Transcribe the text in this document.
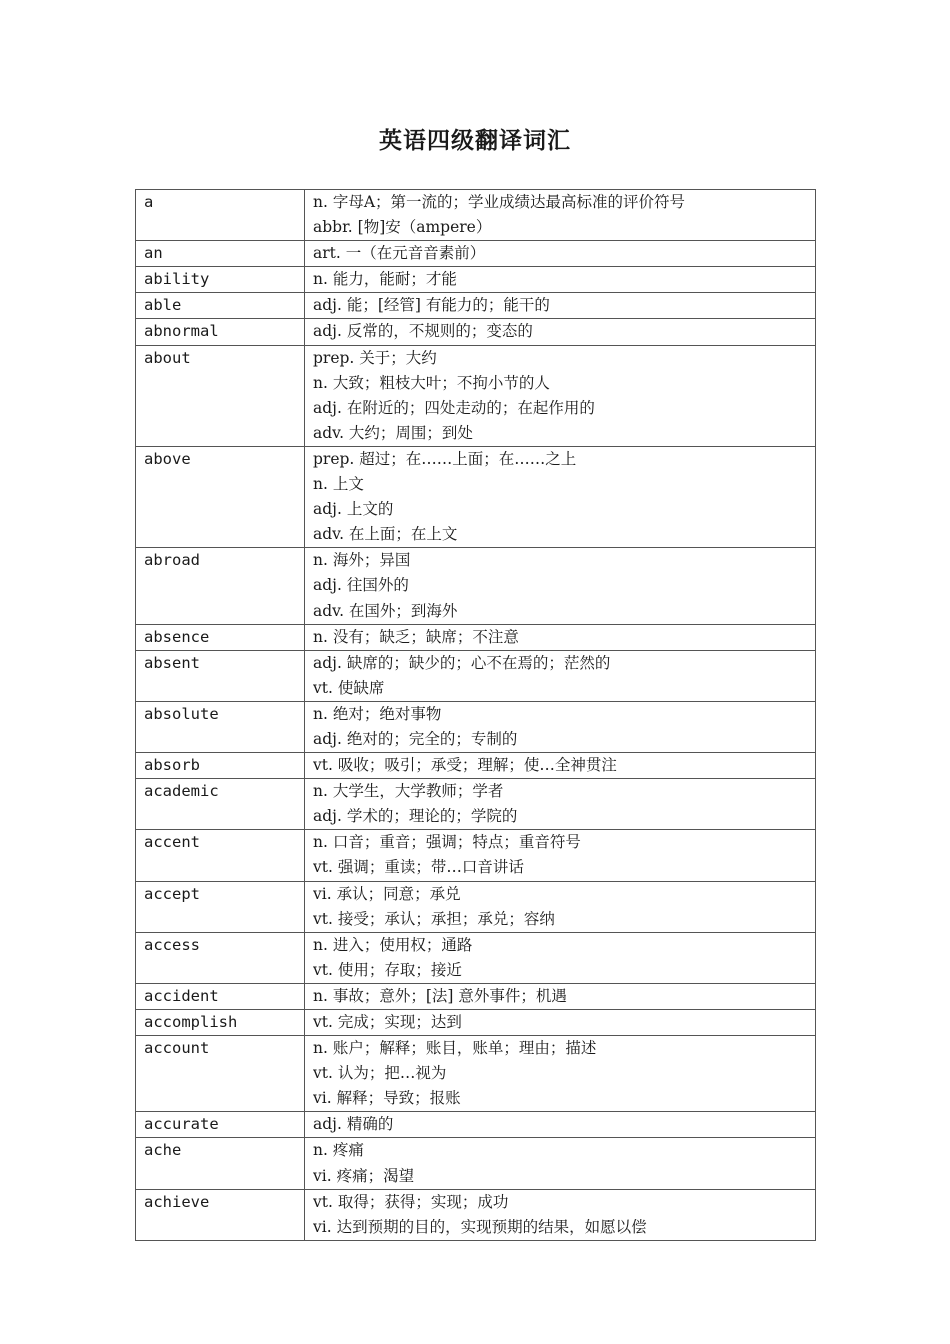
英语四级翻译词汇
a	n. 字母A；第一流的；学业成绩达最高标准的评价符号
abbr. [物]安（ampere）

an	art. 一（在元音音素前）

ability	n. 能力，能耐；才能

able	adj. 能；[经管] 有能力的；能干的

abnormal	adj. 反常的，不规则的；变态的

about	prep. 关于；大约
n. 大致；粗枝大叶；不拘小节的人
adj. 在附近的；四处走动的；在起作用的
adv. 大约；周围；到处

above	prep. 超过；在……上面；在……之上
n. 上文
adj. 上文的
adv. 在上面；在上文

abroad	n. 海外；异国
adj. 往国外的
adv. 在国外；到海外

absence	n. 没有；缺乏；缺席；不注意

absent	adj. 缺席的；缺少的；心不在焉的；茫然的
vt. 使缺席

absolute	n. 绝对；绝对事物
adj. 绝对的；完全的；专制的

absorb	vt. 吸收；吸引；承受；理解；使…全神贯注

academic	n. 大学生，大学教师；学者
adj. 学术的；理论的；学院的

accent	n. 口音；重音；强调；特点；重音符号
vt. 强调；重读；带…口音讲话

accept	vi. 承认；同意；承兑
vt. 接受；承认；承担；承兑；容纳

access	n. 进入；使用权；通路
vt. 使用；存取；接近

accident	n. 事故；意外；[法] 意外事件；机遇

accomplish	vt. 完成；实现；达到

account	n. 账户；解释；账目，账单；理由；描述
vt. 认为；把…视为
vi. 解释；导致；报账

accurate	adj. 精确的

ache	n. 疼痛
vi. 疼痛；渴望

achieve	vt. 取得；获得；实现；成功
vi. 达到预期的目的，实现预期的结果，如愿以偿
